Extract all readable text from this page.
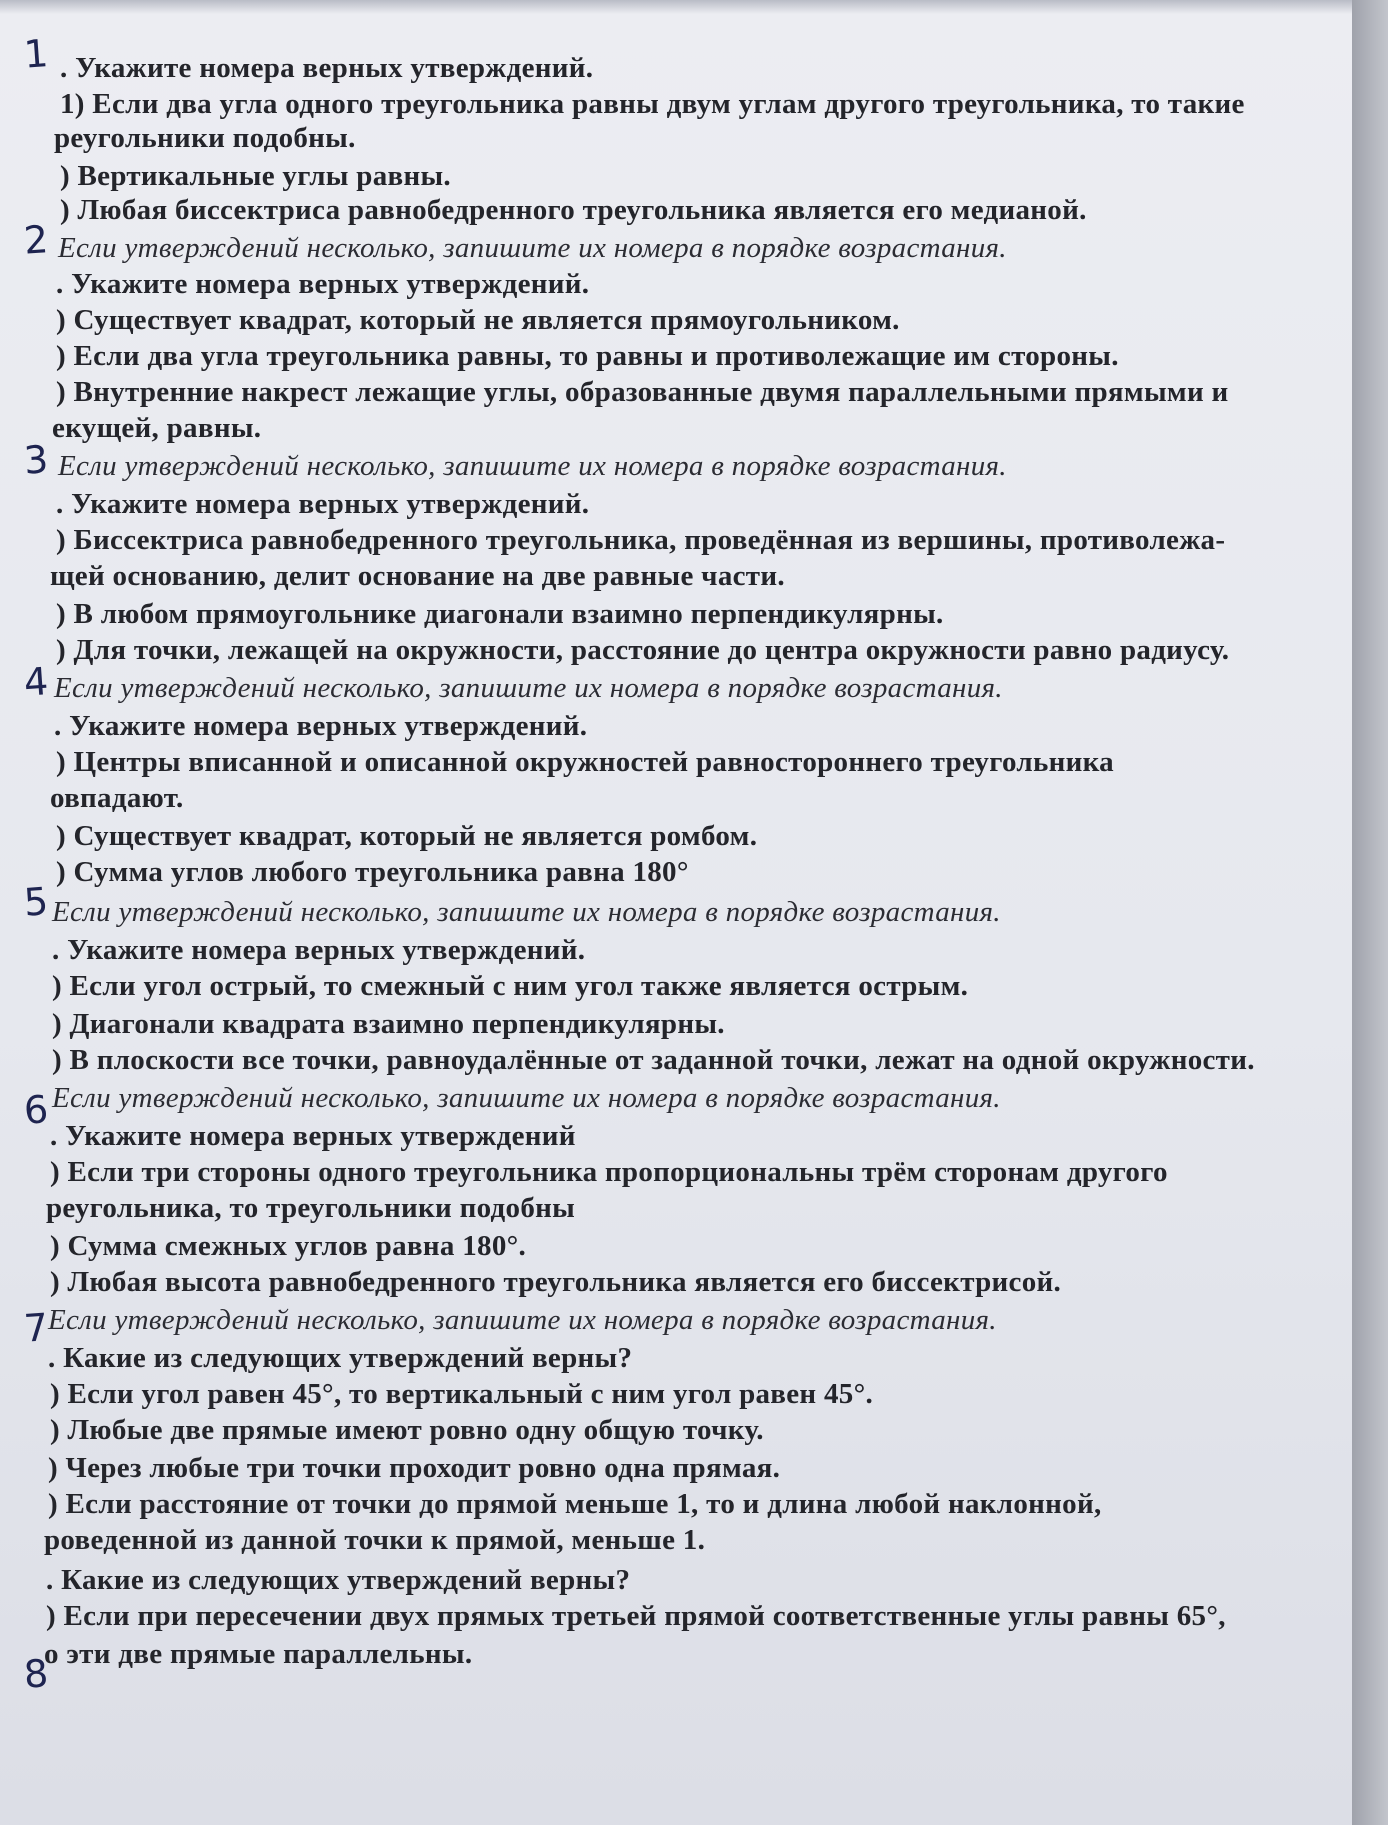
. Укажите номера верных утверждений.
1) Если два угла одного треугольника равны двум углам другого треугольника, то такие
реугольники подобны.
) Вертикальные углы равны.
) Любая биссектриса равнобедренного треугольника является его медианой.
Если утверждений несколько, запишите их номера в порядке возрастания.
. Укажите номера верных утверждений.
) Существует квадрат, который не является прямоугольником.
) Если два угла треугольника равны, то равны и противолежащие им стороны.
) Внутренние накрест лежащие углы, образованные двумя параллельными прямыми и
екущей, равны.
Если утверждений несколько, запишите их номера в порядке возрастания.
. Укажите номера верных утверждений.
) Биссектриса равнобедренного треугольника, проведённая из вершины, противолежа-
щей основанию, делит основание на две равные части.
) В любом прямоугольнике диагонали взаимно перпендикулярны.
) Для точки, лежащей на окружности, расстояние до центра окружности равно радиусу.
Если утверждений несколько, запишите их номера в порядке возрастания.
. Укажите номера верных утверждений.
) Центры вписанной и описанной окружностей равностороннего треугольника
овпадают.
) Существует квадрат, который не является ромбом.
) Сумма углов любого треугольника равна 180°
Если утверждений несколько, запишите их номера в порядке возрастания.
. Укажите номера верных утверждений.
) Если угол острый, то смежный с ним угол также является острым.
) Диагонали квадрата взаимно перпендикулярны.
) В плоскости все точки, равноудалённые от заданной точки, лежат на одной окружности.
Если утверждений несколько, запишите их номера в порядке возрастания.
. Укажите номера верных утверждений
) Если три стороны одного треугольника пропорциональны трём сторонам другого
реугольника, то треугольники подобны
) Сумма смежных углов равна 180°.
) Любая высота равнобедренного треугольника является его биссектрисой.
Если утверждений несколько, запишите их номера в порядке возрастания.
. Какие из следующих утверждений верны?
) Если угол равен 45°, то вертикальный с ним угол равен 45°.
) Любые две прямые имеют ровно одну общую точку.
) Через любые три точки проходит ровно одна прямая.
) Если расстояние от точки до прямой меньше 1, то и длина любой наклонной,
роведенной из данной точки к прямой, меньше 1.
. Какие из следующих утверждений верны?
) Если при пересечении двух прямых третьей прямой соответственные углы равны 65°,
о эти две прямые параллельны.
1
2
3
4
5
6
7
8
